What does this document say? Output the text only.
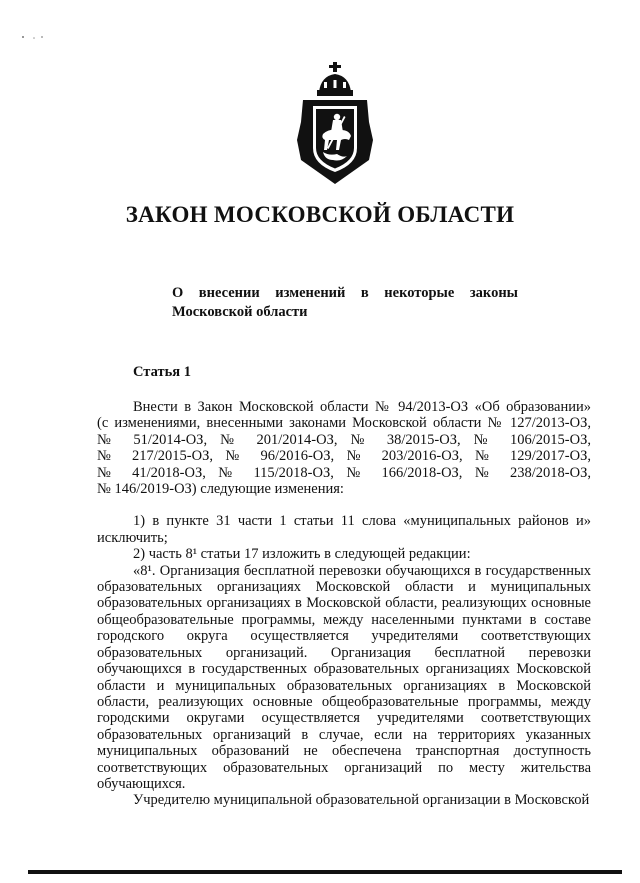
ЗАКОН МОСКОВСКОЙ ОБЛАСТИ
О внесении изменений в некоторые законы
Московской области
Статья 1
Внести в Закон Московской области № 94/2013-ОЗ «Об образовании»
(с изменениями, внесенными законами Московской области № 127/2013-ОЗ,
№ 51/2014-ОЗ, № 201/2014-ОЗ, № 38/2015-ОЗ, № 106/2015-ОЗ,
№ 217/2015-ОЗ, № 96/2016-ОЗ, № 203/2016-ОЗ, № 129/2017-ОЗ,
№ 41/2018-ОЗ, № 115/2018-ОЗ, № 166/2018-ОЗ, № 238/2018-ОЗ,
№ 146/2019-ОЗ) следующие изменения:
1) в пункте 31 части 1 статьи 11 слова «муниципальных районов и»
исключить;
2) часть 8¹ статьи 17 изложить в следующей редакции:
«8¹. Организация бесплатной перевозки обучающихся в государственных
образовательных организациях Московской области и муниципальных
образовательных организациях в Московской области, реализующих основные
общеобразовательные программы, между населенными пунктами в составе
городского округа осуществляется учредителями соответствующих
образовательных организаций. Организация бесплатной перевозки
обучающихся в государственных образовательных организациях Московской
области и муниципальных образовательных организациях в Московской
области, реализующих основные общеобразовательные программы, между
городскими округами осуществляется учредителями соответствующих
образовательных организаций в случае, если на территориях указанных
муниципальных образований не обеспечена транспортная доступность
соответствующих образовательных организаций по месту жительства
обучающихся.
Учредителю муниципальной образовательной организации в Московской
